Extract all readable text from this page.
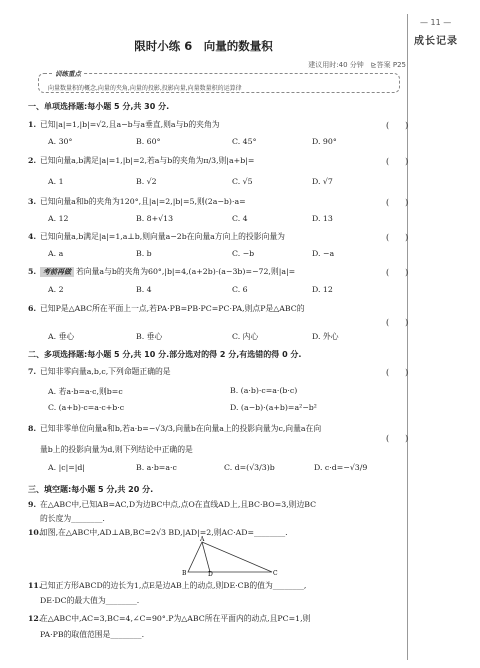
— 11 —
成长记录
限时小练 6　向量的数量积
建议用时:40 分钟　⊵答案 P25
训练重点
向量数量积的概念,向量的夹角,向量的投影,投影向量,向量数量积的运算律
一、单项选择题:每小题 5 分,共 30 分.
1. 已知|a|=1,|b|=√2,且a−b与a垂直,则a与b的夹角为	(　　)
A. 30°	B. 60°	C. 45°	D. 90°
2. 已知向量a,b满足|a|=1,|b|=2,若a与b的夹角为π/3,则|a+b|=	(　　)
A. 1	B. √2	C. √5	D. √7
3. 已知向量a和b的夹角为120°,且|a|=2,|b|=5,则(2a−b)·a=	(　　)
A. 12	B. 8+√13	C. 4	D. 13
4. 已知向量a,b满足|a|=1,a⊥b,则向量a−2b在向量a方向上的投影向量为	(　　)
A. a	B. b	C. −b	D. −a
5. 考前再做 若向量a与b的夹角为60°,|b|=4,(a+2b)·(a−3b)=−72,则|a|=	(　　)
A. 2	B. 4	C. 6	D. 12
6. 已知P是△ABC所在平面上一点,若PA·PB=PB·PC=PC·PA,则点P是△ABC的
(　　)
A. 垂心	B. 垂心	C. 内心	D. 外心
二、多项选择题:每小题 5 分,共 10 分.部分选对的得 2 分,有选错的得 0 分.
7. 已知非零向量a,b,c,下列命题正确的是	(　　)
A. 若a·b=a·c,则b=c	B. (a·b)·c=a·(b·c)
C. (a+b)·c=a·c+b·c	D. (a−b)·(a+b)=a²−b²
8. 已知非零单位向量a和b,若a·b=−√3/3,向量b在向量a上的投影向量为c,向量a在向
量b上的投影向量为d,则下列结论中正确的是
(　　)
A. |c|=|d|	B. a·b=a·c	C. d=(√3/3)b	D. c·d=−√3/9
三、填空题:每小题 5 分,共 20 分.
9. 在△ABC中,已知AB=AC,D为边BC中点,点O在直线AD上,且BC·BO=3,则边BC
的长度为________.
10.如图,在△ABC中,AD⊥AB,BC=2√3 BD,|AD|=2,则AC·AD=________.
A
B	D	C
11.已知正方形ABCD的边长为1,点E是边AB上的动点,则DE·CB的值为________,
DE·DC的最大值为________.
12.在△ABC中,AC=3,BC=4,∠C=90°.P为△ABC所在平面内的动点,且PC=1,则
PA·PB的取值范围是________.
